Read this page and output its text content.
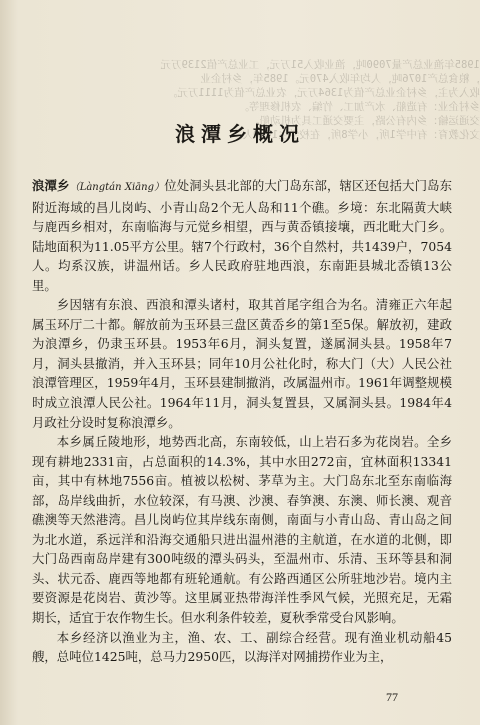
1985年渔业总产量7090吨，渔业收入51万元，工业总产值2139万元
，粮食总产1076吨，人均年收入470元。1985年，乡村企业
收入为主，乡村企业总产值为1364万元，农业总产值为1111万元。
乡村企业：有造船、水产加工、竹编、农机修理等。
交通运输：乡内有公路，主要交通工具为机动船。
文化教育：有中学1所，小学8所，在校学生1700人。
浪潭乡概况

浪潭乡（Làngtán Xiāng）位处洞头县北部的大门岛东部，辖区还包括大门岛东附近海域的昌儿岗屿、小青山岛2个无人岛和11个礁。乡境：东北隔黄大峡与鹿西乡相对，东南临海与元觉乡相望，西与黄岙镇接壤，西北毗大门乡。陆地面积为11.05平方公里。辖7个行政村，36个自然村，共1439户，7054人。均系汉族，讲温州话。乡人民政府驻地西浪，东南距县城北岙镇13公里。

乡因辖有东浪、西浪和潭头诸村，取其首尾字组合为名。清雍正六年起属玉环厅二十都。解放前为玉环县三盘区黄岙乡的第1至5保。解放初，建政为浪潭乡，仍隶玉环县。1953年6月，洞头复置，遂属洞头县。1958年7月，洞头县撤消，并入玉环县；同年10月公社化时，称大门（大）人民公社浪潭管理区，1959年4月，玉环县建制撤消，改属温州市。1961年调整规模时成立浪潭人民公社。1964年11月，洞头复置县，又属洞头县。1984年4月政社分设时复称浪潭乡。

本乡属丘陵地形，地势西北高，东南较低，山上岩石多为花岗岩。全乡现有耕地2331亩，占总面积的14.3%，其中水田272亩，宜林面积13341亩，其中有林地7556亩。植被以松树、茅草为主。大门岛东北至东南临海部，岛岸线曲折，水位较深，有马澳、沙澳、春笋澳、东澳、师长澳、观音礁澳等天然港湾。昌儿岗屿位其岸线东南侧，南面与小青山岛、青山岛之间为北水道，系远洋和沿海交通船只进出温州港的主航道，在水道的北侧，即大门岛西南岛岸建有300吨级的潭头码头，至温州市、乐清、玉环等县和洞头、状元岙、鹿西等地都有班轮通航。有公路西通区公所驻地沙岩。境内主要资源是花岗岩、黄沙等。这里属亚热带海洋性季风气候，光照充足，无霜期长，适宜于农作物生长。但水利条件较差，夏秋季常受台风影响。

本乡经济以渔业为主，渔、农、工、副综合经营。现有渔业机动船45艘，总吨位1425吨，总马力2950匹，以海洋对网捕捞作业为主，

77
